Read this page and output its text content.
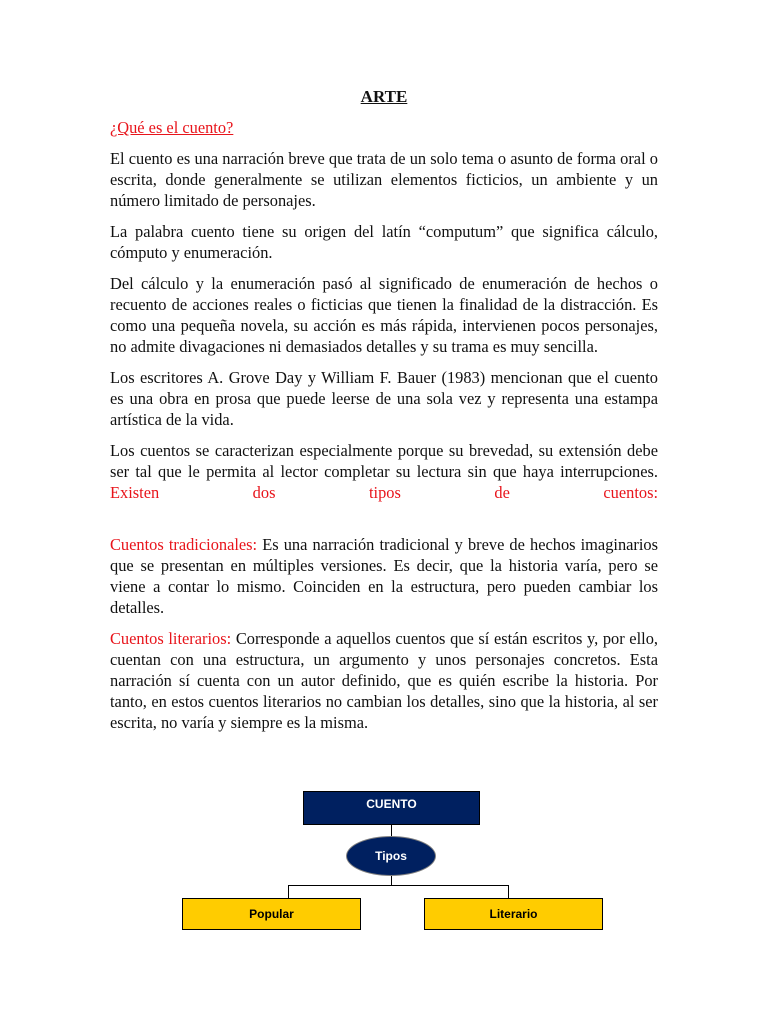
ARTE
¿Qué es el cuento?

El cuento es una narración breve que trata de un solo tema o asunto de forma oral o escrita, donde generalmente se utilizan elementos ficticios, un ambiente y un número limitado de personajes.

La palabra cuento tiene su origen del latín “computum” que significa cálculo, cómputo y enumeración.

Del cálculo y la enumeración pasó al significado de enumeración de hechos o recuento de acciones reales o ficticias que tienen la finalidad de la distracción. Es como una pequeña novela, su acción es más rápida, intervienen pocos personajes, no admite divagaciones ni demasiados detalles y su trama es muy sencilla.

Los escritores A. Grove Day y William F. Bauer (1983) mencionan que el cuento es una obra en prosa que puede leerse de una sola vez y representa una estampa artística de la vida.

Los cuentos se caracterizan especialmente porque su brevedad, su extensión debe ser tal que le permita al lector completar su lectura sin que haya interrupciones. Existen dos tipos de cuentos:

Cuentos tradicionales: Es una narración tradicional y breve de hechos imaginarios que se presentan en múltiples versiones. Es decir, que la historia varía, pero se viene a contar lo mismo. Coinciden en la estructura, pero pueden cambiar los detalles.

Cuentos literarios: Corresponde a aquellos cuentos que sí están escritos y, por ello, cuentan con una estructura, un argumento y unos personajes concretos. Esta narración sí cuenta con un autor definido, que es quién escribe la historia. Por tanto, en estos cuentos literarios no cambian los detalles, sino que la historia, al ser escrita, no varía y siempre es la misma.

CUENTO
Tipos
Popular	Literario
